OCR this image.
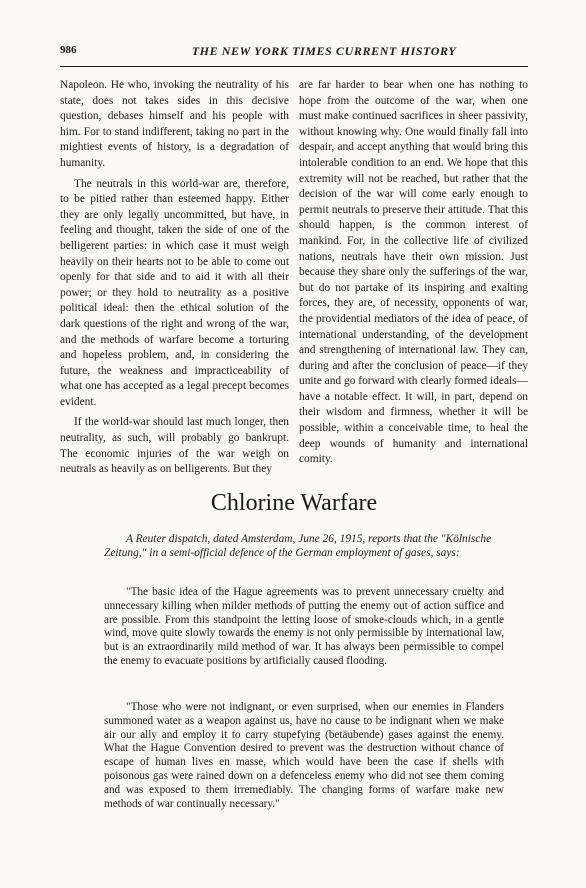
986	THE NEW YORK TIMES CURRENT HISTORY

Napoleon. He who, invoking the neutrality of his state, does not takes sides in this decisive question, debases himself and his people with him. For to stand indifferent, taking no part in the mightiest events of history, is a degradation of humanity.

The neutrals in this world-war are, therefore, to be pitied rather than esteemed happy. Either they are only legally uncommitted, but have, in feeling and thought, taken the side of one of the belligerent parties: in which case it must weigh heavily on their hearts not to be able to come out openly for that side and to aid it with all their power; or they hold to neutrality as a positive political ideal: then the ethical solution of the dark questions of the right and wrong of the war, and the methods of warfare become a torturing and hopeless problem, and, in considering the future, the weakness and impracticeability of what one has accepted as a legal precept becomes evident.

If the world-war should last much longer, then neutrality, as such, will probably go bankrupt. The economic injuries of the war weigh on neutrals as heavily as on belligerents. But they

are far harder to bear when one has nothing to hope from the outcome of the war, when one must make continued sacrifices in sheer passivity, without knowing why. One would finally fall into despair, and accept anything that would bring this intolerable condition to an end. We hope that this extremity will not be reached, but rather that the decision of the war will come early enough to permit neutrals to preserve their attitude. That this should happen, is the common interest of mankind. For, in the collective life of civilized nations, neutrals have their own mission. Just because they share only the sufferings of the war, but do not partake of its inspiring and exalting forces, they are, of necessity, opponents of war, the providential mediators of the idea of peace, of international understanding, of the development and strengthening of international law. They can, during and after the conclusion of peace—if they unite and go forward with clearly formed ideals—have a notable effect. It will, in part, depend on their wisdom and firmness, whether it will be possible, within a conceivable time, to heal the deep wounds of humanity and international comity.

Chlorine Warfare

A Reuter dispatch, dated Amsterdam, June 26, 1915, reports that the "Kölnische Zeitung," in a semi-official defence of the German employment of gases, says:

"The basic idea of the Hague agreements was to prevent unnecessary cruelty and unnecessary killing when milder methods of putting the enemy out of action suffice and are possible. From this standpoint the letting loose of smoke-clouds which, in a gentle wind, move quite slowly towards the enemy is not only permissible by international law, but is an extraordinarily mild method of war. It has always been permissible to compel the enemy to evacuate positions by artificially caused flooding.

"Those who were not indignant, or even surprised, when our enemies in Flanders summoned water as a weapon against us, have no cause to be indignant when we make air our ally and employ it to carry stupefying (betäubende) gases against the enemy. What the Hague Convention desired to prevent was the destruction without chance of escape of human lives en masse, which would have been the case if shells with poisonous gas were rained down on a defenceless enemy who did not see them coming and was exposed to them irremediably. The changing forms of warfare make new methods of war continually necessary."
